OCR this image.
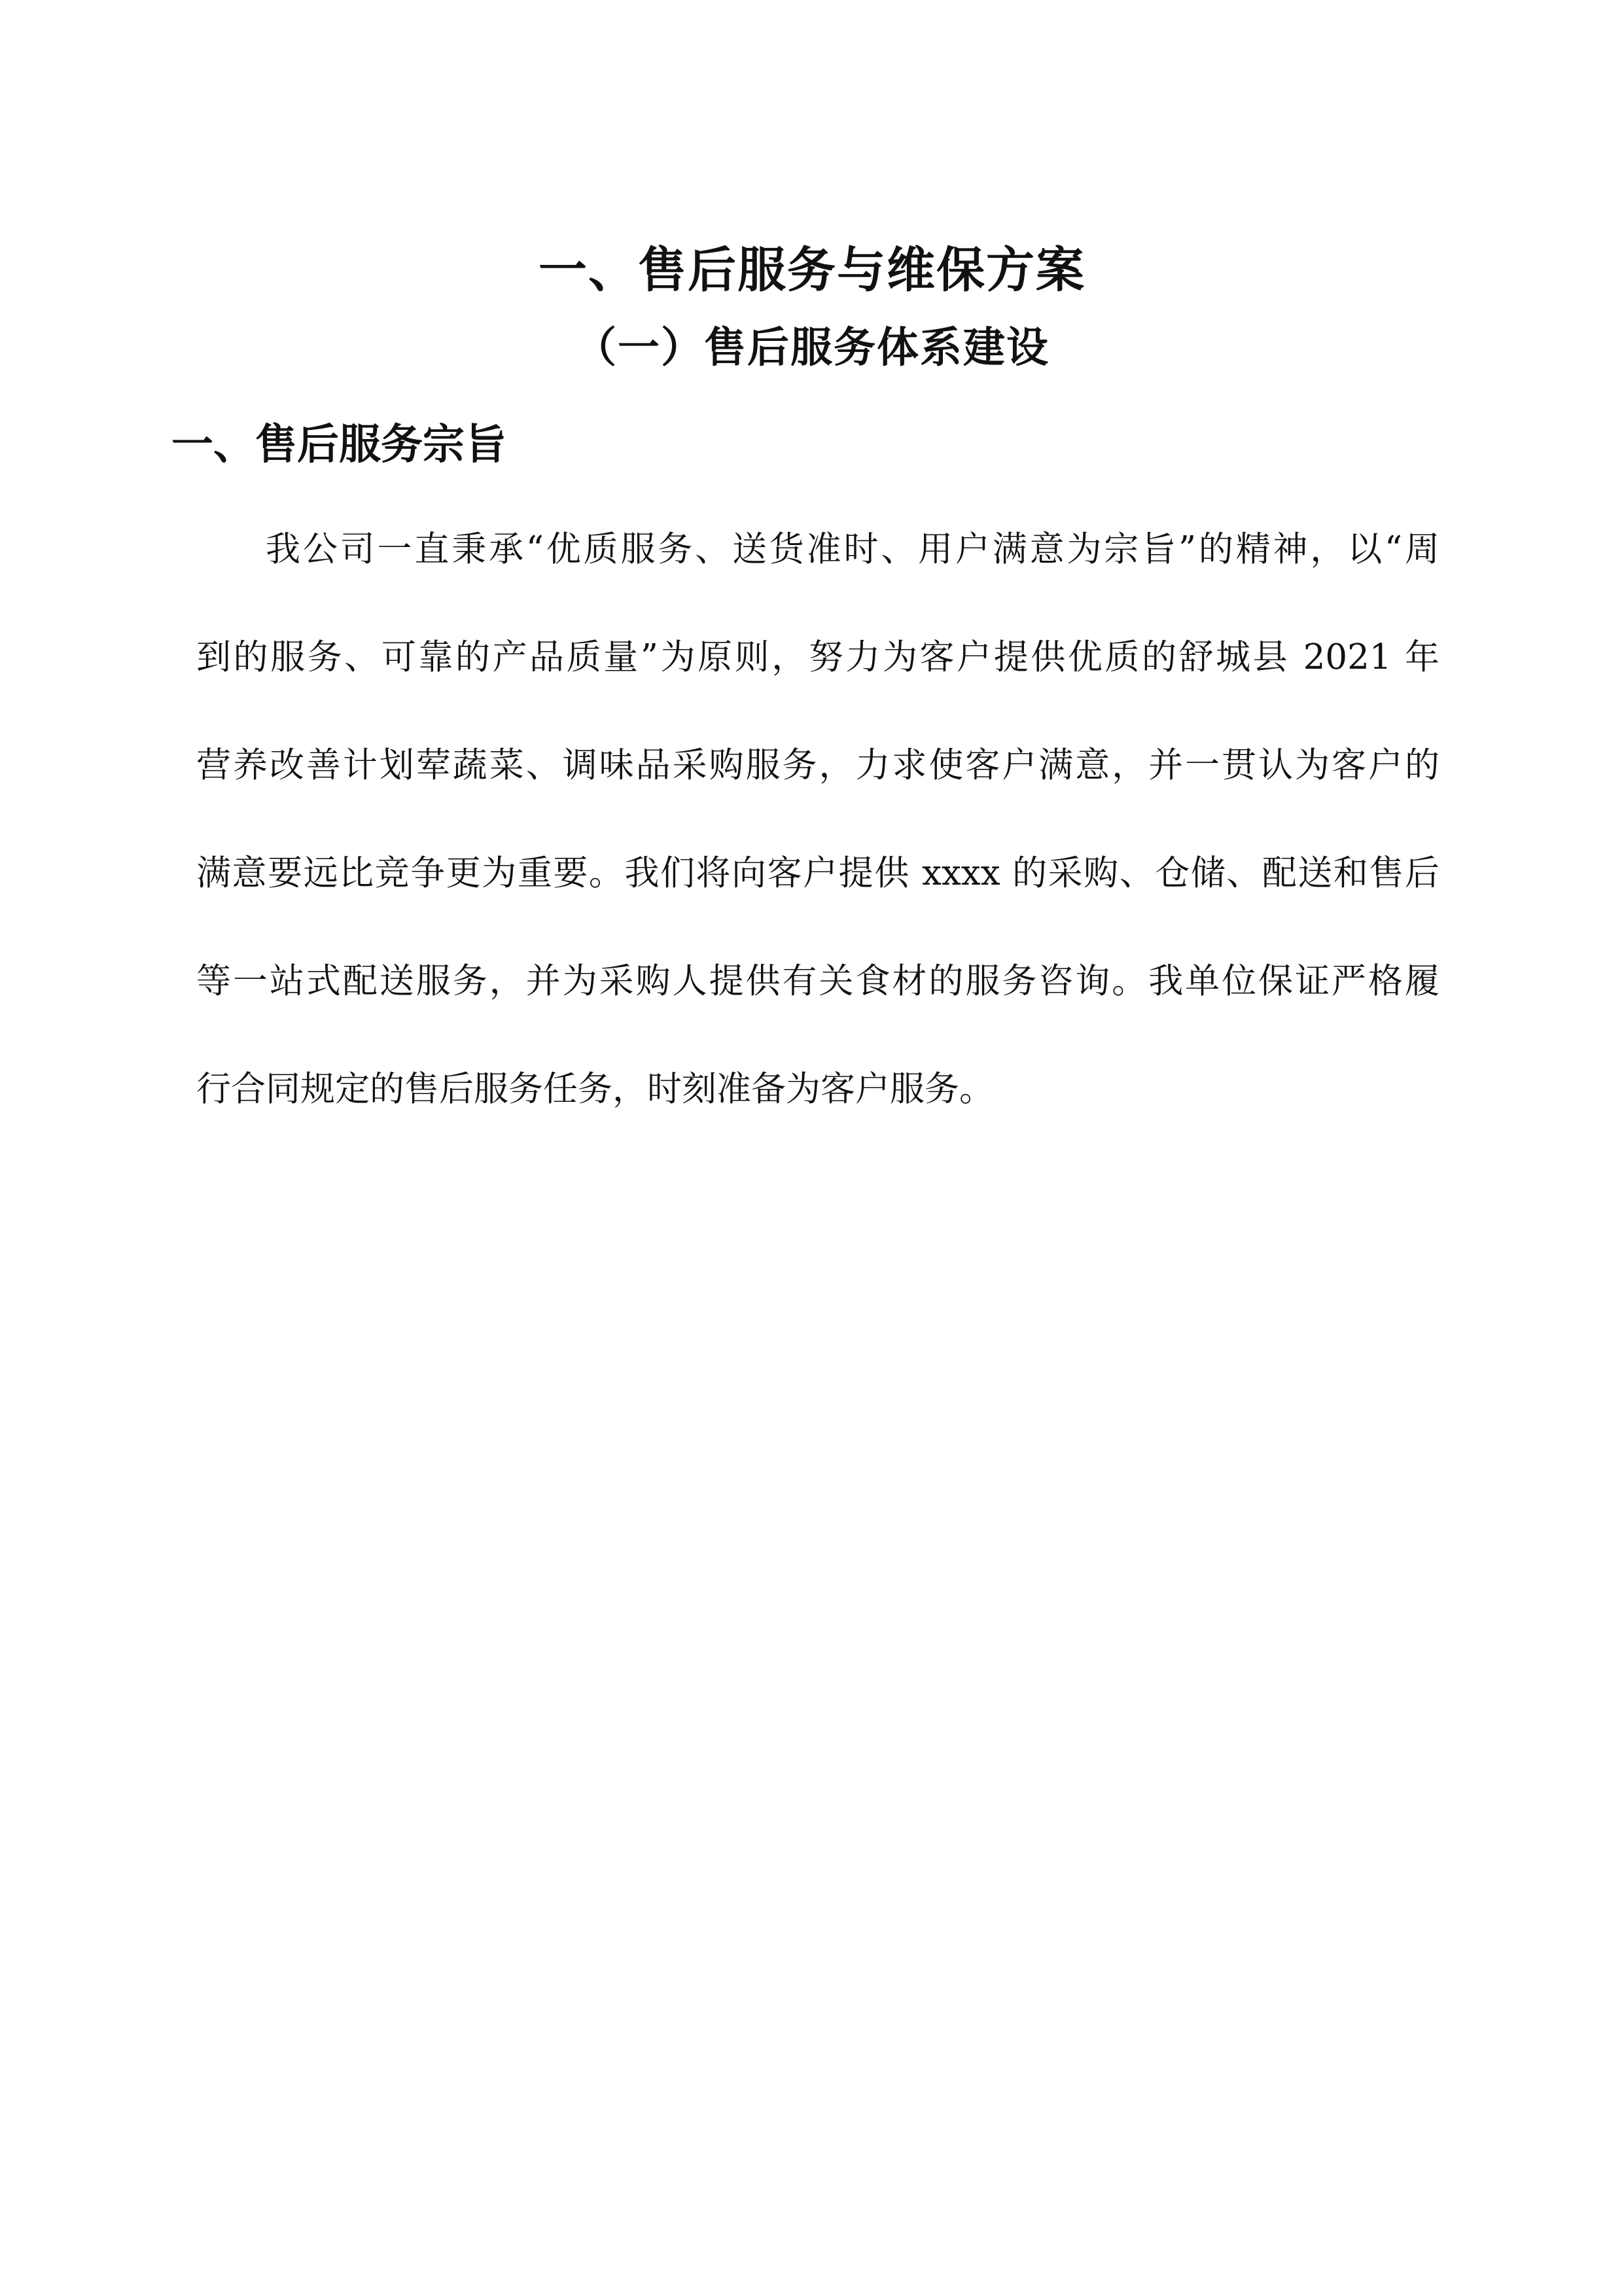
一、售后服务与维保方案
（一）售后服务体系建设
一、售后服务宗旨
我公司一直秉承“优质服务、送货准时、用户满意为宗旨”的精神，以“周
到的服务、可靠的产品质量”为原则，努力为客户提供优质的舒城县 2021 年
营养改善计划荤蔬菜、调味品采购服务，力求使客户满意，并一贯认为客户的
满意要远比竞争更为重要。我们将向客户提供 xxxx 的采购、仓储、配送和售后
等一站式配送服务，并为采购人提供有关食材的服务咨询。我单位保证严格履
行合同规定的售后服务任务，时刻准备为客户服务。
